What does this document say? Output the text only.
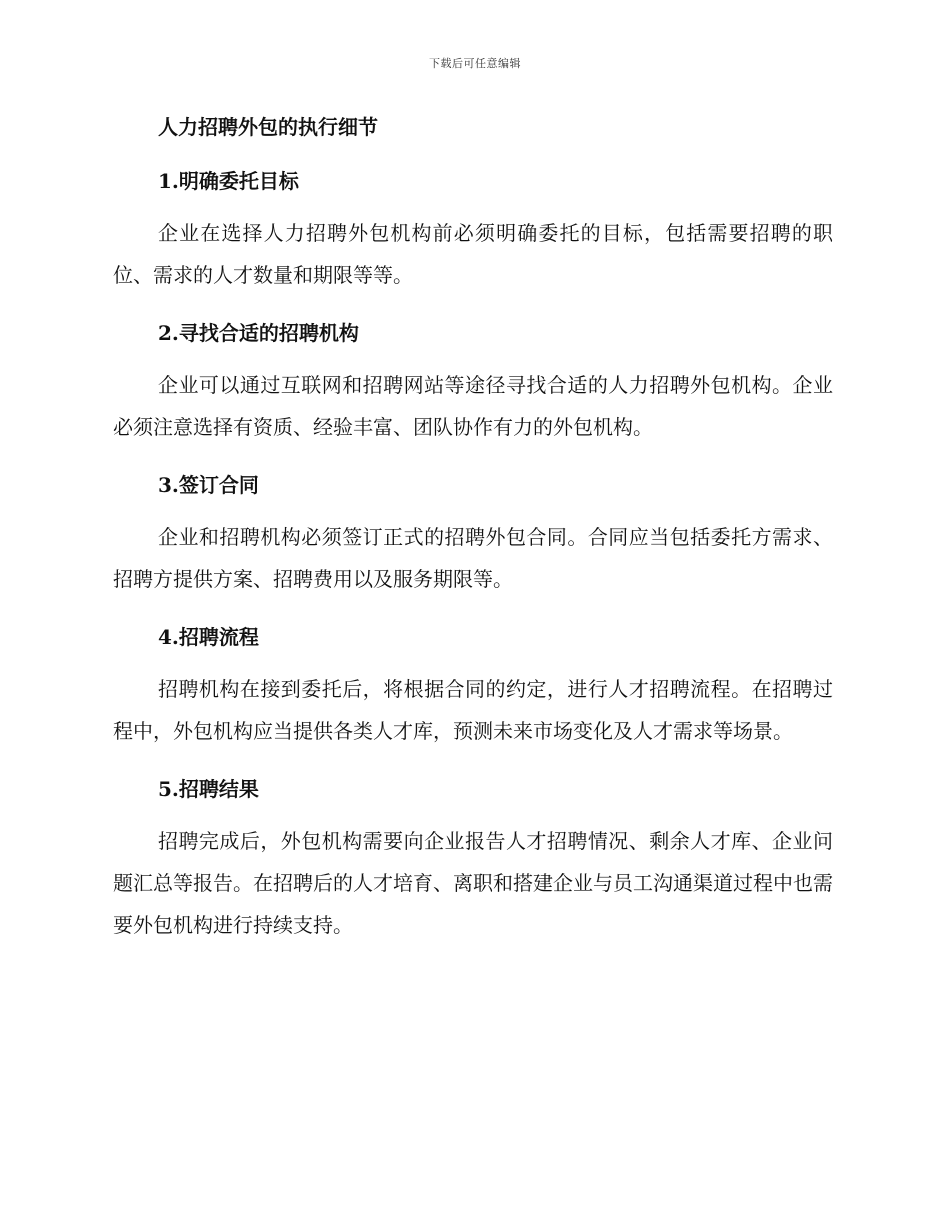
下载后可任意编辑
人力招聘外包的执行细节
1.明确委托目标

企业在选择人力招聘外包机构前必须明确委托的目标，包括需要招聘的职位、需求的人才数量和期限等等。

2.寻找合适的招聘机构

企业可以通过互联网和招聘网站等途径寻找合适的人力招聘外包机构。企业必须注意选择有资质、经验丰富、团队协作有力的外包机构。

3.签订合同

企业和招聘机构必须签订正式的招聘外包合同。合同应当包括委托方需求、招聘方提供方案、招聘费用以及服务期限等。

4.招聘流程

招聘机构在接到委托后，将根据合同的约定，进行人才招聘流程。在招聘过程中，外包机构应当提供各类人才库，预测未来市场变化及人才需求等场景。

5.招聘结果

招聘完成后，外包机构需要向企业报告人才招聘情况、剩余人才库、企业问题汇总等报告。在招聘后的人才培育、离职和搭建企业与员工沟通渠道过程中也需要外包机构进行持续支持。
